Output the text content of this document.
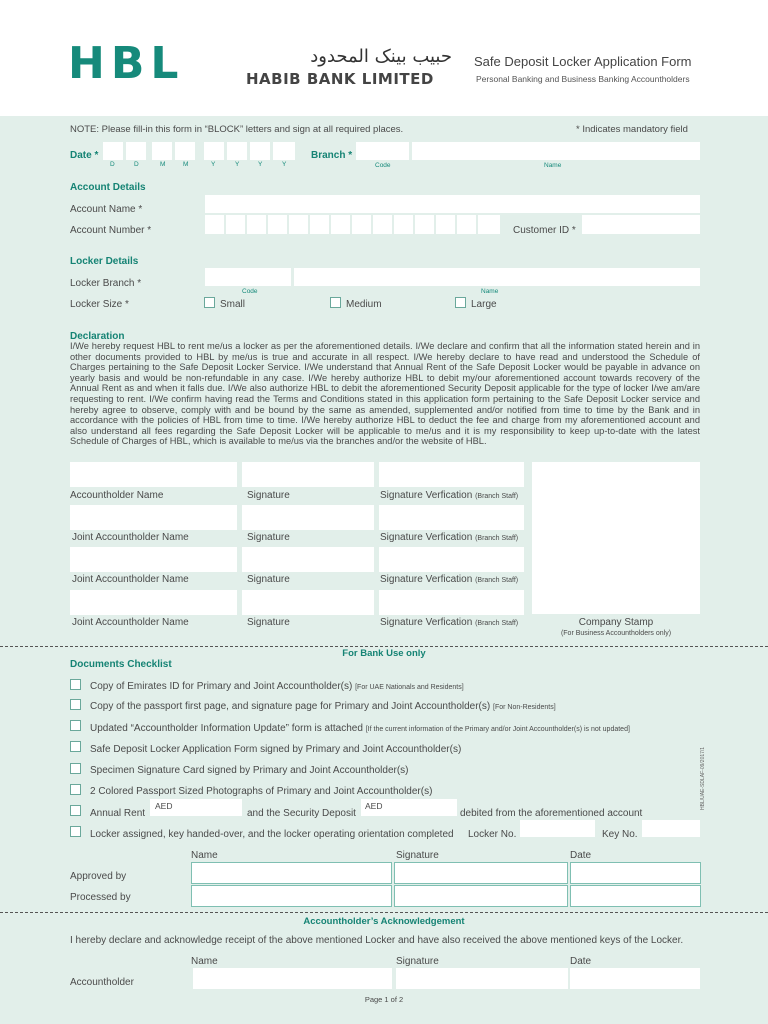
HBL	حبیب بینک المحدود
HABIB BANK LIMITED
Safe Deposit Locker Application Form
Personal Banking and Business Banking Accountholders
NOTE: Please fill-in this form in “BLOCK” letters and sign at all required places.	* Indicates mandatory field
Date *
D	D	M	M	Y	Y	Y	Y
Branch *
Code	Name
Account Details
Account Name *
Account Number *	Customer ID *
Locker Details
Locker Branch *
Code	Name
Locker Size *	Small	Medium	Large
Declaration
I/We hereby request HBL to rent me/us a locker as per the aforementioned details. I/We declare and confirm that all the information stated herein and in other documents provided to HBL by me/us is true and accurate in all respect. I/We hereby declare to have read and understood the Schedule of Charges pertaining to the Safe Deposit Locker Service. I/We understand that Annual Rent of the Safe Deposit Locker would be payable in advance on yearly basis and would be non-refundable in any case. I/We hereby authorize HBL to debit my/our aforementioned account towards recovery of the Annual Rent as and when it falls due. I/We also authorize HBL to debit the aforementioned Security Deposit applicable for the type of locker I/we am/are requesting to rent. I/We confirm having read the Terms and Conditions stated in this application form pertaining to the Safe Deposit Locker service and hereby agree to observe, comply with and be bound by the same as amended, supplemented and/or notified from time to time by the Bank and in accordance with the policies of HBL from time to time. I/We hereby authorize HBL to deduct the fee and charge from my aforementioned account and also understand all fees regarding the Safe Deposit Locker will be applicable to me/us and it is my responsibility to keep up-to-date with the latest Schedule of Charges of HBL, which is available to me/us via the branches and/or the website of HBL.
Accountholder Name	Signature	Signature Verfication (Branch Staff)
Joint Accountholder Name	Signature	Signature Verfication (Branch Staff)
Joint Accountholder Name	Signature	Signature Verfication (Branch Staff)
Joint Accountholder Name	Signature	Signature Verfication (Branch Staff)	Company Stamp
(For Business Accountholders only)
For Bank Use only
Documents Checklist
Copy of Emirates ID for Primary and Joint Accountholder(s) [For UAE Nationals and Residents]
Copy of the passport first page, and signature page for Primary and Joint Accountholder(s) [For Non-Residents]
Updated “Accountholder Information Update” form is attached [If the current information of the Primary and/or Joint Accountholder(s) is not updated]
Safe Deposit Locker Application Form signed by Primary and Joint Accountholder(s)
Specimen Signature Card signed by Primary and Joint Accountholder(s)
2 Colored Passport Sized Photographs of Primary and Joint Accountholder(s)
Annual Rent
AED
and the Security Deposit
AED
debited from the aforementioned account
Locker assigned, key handed-over, and the locker operating orientation completed Locker No.	Key No.
Name	Signature	Date
Approved by
Processed by
HBL/UAE-SDLAF-09/2017/1
Accountholder’s Acknowledgement
I hereby declare and acknowledge receipt of the above mentioned Locker and have also received the above mentioned keys of the Locker.
Name	Signature	Date
Accountholder
Page 1 of 2
